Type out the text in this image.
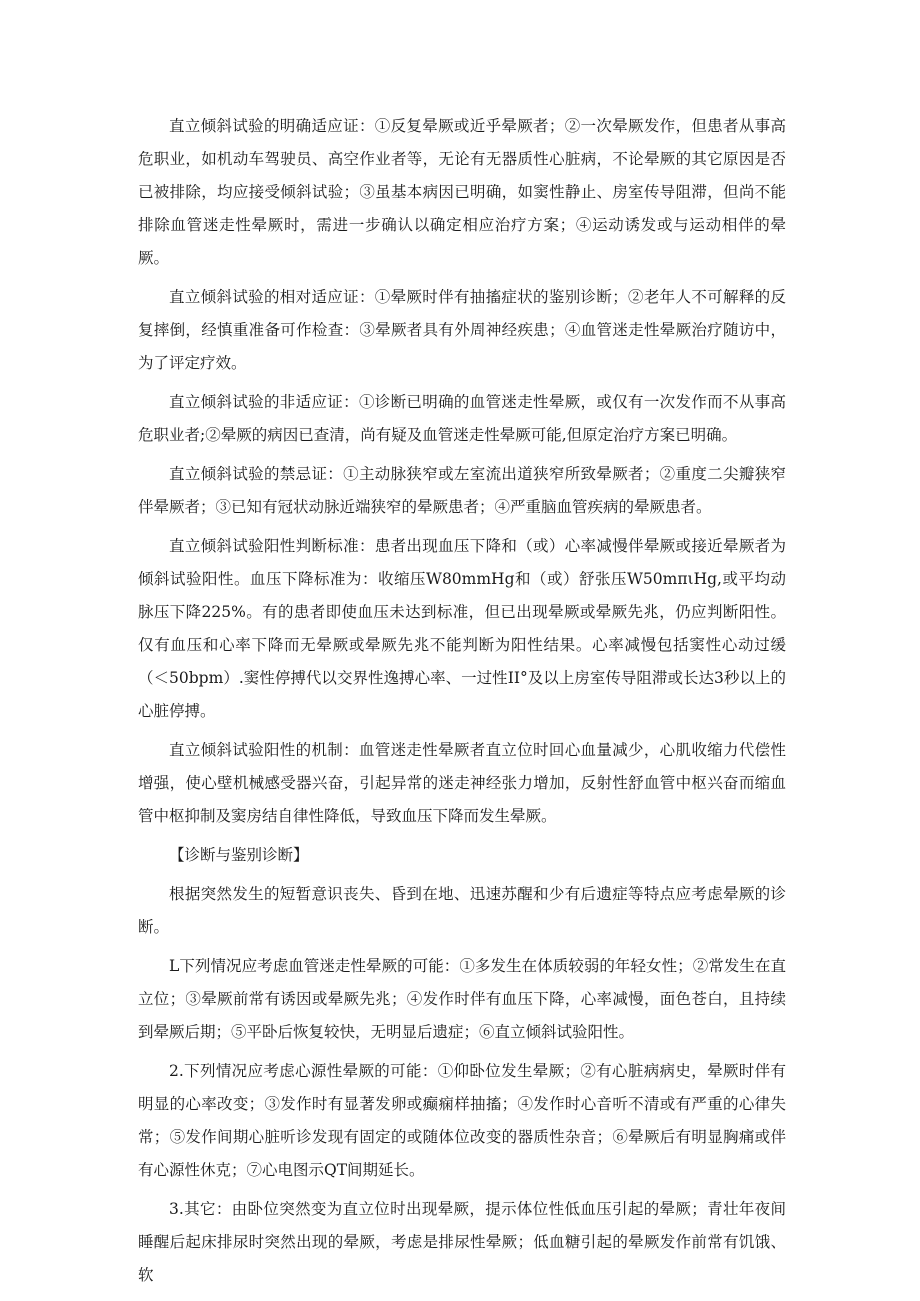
直立倾斜试验的明确适应证：①反复晕厥或近乎晕厥者；②一次晕厥发作，但患者从事高危职业，如机动车驾驶员、高空作业者等，无论有无器质性心脏病，不论晕厥的其它原因是否已被排除，均应接受倾斜试验；③虽基本病因已明确，如窦性静止、房室传导阻滞，但尚不能排除血管迷走性晕厥时，需进一步确认以确定相应治疗方案；④运动诱发或与运动相伴的晕厥。

直立倾斜试验的相对适应证：①晕厥时伴有抽搐症状的鉴别诊断；②老年人不可解释的反复摔倒，经慎重准备可作检查：③晕厥者具有外周神经疾患；④血管迷走性晕厥治疗随访中，为了评定疗效。

直立倾斜试验的非适应证：①诊断已明确的血管迷走性晕厥，或仅有一次发作而不从事高危职业者;②晕厥的病因已查清，尚有疑及血管迷走性晕厥可能,但原定治疗方案已明确。

直立倾斜试验的禁忌证：①主动脉狭窄或左室流出道狭窄所致晕厥者；②重度二尖瓣狭窄伴晕厥者；③已知有冠状动脉近端狭窄的晕厥患者；④严重脑血管疾病的晕厥患者。

直立倾斜试验阳性判断标准：患者出现血压下降和（或）心率减慢伴晕厥或接近晕厥者为倾斜试验阳性。血压下降标准为：收缩压W80mmHg和（或）舒张压W50mπιHg,或平均动脉压下降225%。有的患者即使血压未达到标准，但已出现晕厥或晕厥先兆，仍应判断阳性。仅有血压和心率下降而无晕厥或晕厥先兆不能判断为阳性结果。心率减慢包括窦性心动过缓（＜50bpm）.窦性停搏代以交界性逸搏心率、一过性II°及以上房室传导阻滞或长达3秒以上的心脏停搏。

直立倾斜试验阳性的机制：血管迷走性晕厥者直立位时回心血量减少，心肌收缩力代偿性增强，使心壁机械感受器兴奋，引起异常的迷走神经张力增加，反射性舒血管中枢兴奋而缩血管中枢抑制及窦房结自律性降低，导致血压下降而发生晕厥。

【诊断与鉴别诊断】

根据突然发生的短暂意识丧失、昏到在地、迅速苏醒和少有后遗症等特点应考虑晕厥的诊断。

L下列情况应考虑血管迷走性晕厥的可能：①多发生在体质较弱的年轻女性；②常发生在直立位；③晕厥前常有诱因或晕厥先兆；④发作时伴有血压下降，心率减慢，面色苍白，且持续到晕厥后期；⑤平卧后恢复较快，无明显后遗症；⑥直立倾斜试验阳性。

2.下列情况应考虑心源性晕厥的可能：①仰卧位发生晕厥；②有心脏病病史，晕厥时伴有明显的心率改变；③发作时有显著发卵或癫痫样抽搐；④发作时心音听不清或有严重的心律失常；⑤发作间期心脏听诊发现有固定的或随体位改变的器质性杂音；⑥晕厥后有明显胸痛或伴有心源性休克；⑦心电图示QT间期延长。

3.其它：由卧位突然变为直立位时出现晕厥，提示体位性低血压引起的晕厥；青壮年夜间睡醒后起床排尿时突然出现的晕厥，考虑是排尿性晕厥；低血糖引起的晕厥发作前常有饥饿、软
